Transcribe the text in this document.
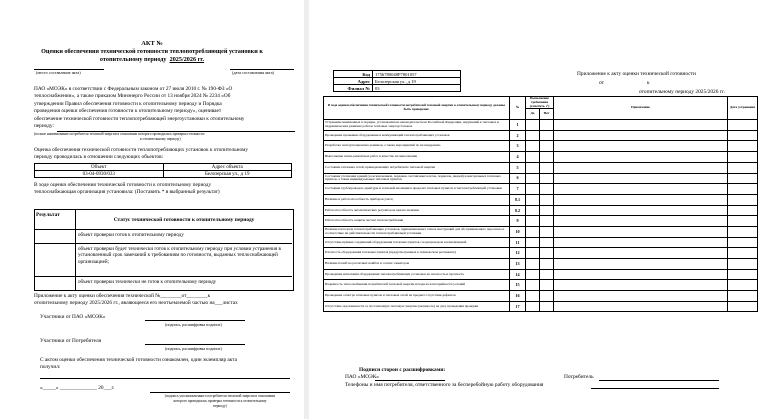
АКТ №
Оценки обеспечения технической готовности теплопотребляющей установки к
отопительному периоду 2025/2026 гг.
(место составление акта)	(дата составления акта)
ПАО «МОЭК» в соответствии с Федеральным законом от 27 июля 2010 г. № 190-ФЗ «О
теплоснабжении», а также приказом Минэнерго России от 13 ноября 2024 № 2234 «Об
утверждении Правил обеспечения готовности к отопительному периоду и Порядка
проведения оценки обеспечения готовности к отопительному периоду», оценивает
обеспечение технической готовности теплопотребляющей энергоустановки к отопительному
периоду:
(полное наименование потребителя тепловой энергии в отношении которого проводилась проверка готовности
к отопительному периоду)
Оценка обеспечения технической готовности теплопотребляющих установок к отопительному
периоду проводилась в отношении следующих объектов:
Объект	Адрес объекта
03-04-0930/033	Белозерская ул., д 19
В ходе оценки обеспечения технической готовности к отопительному периоду
теплоснабжающая организация установила: (Поставить * в выбранный результат)
Результат
Статус технической готовности к отопительному периоду
объект проверки готов к отопительному периоду
объект проверки будет технически готов к отопительному периоду при условии устранения в установленный срок замечаний к требованиям по готовности, выданных теплоснабжающей организацией;
объект проверки технически не готов к отопительному периоду
Приложение к акту оценки обеспечения технической №________от________к
отопительному периоду 2025/2026 гг., являющееся его неотъемлемой частью на___листах
Участники от ПАО «МОЭК»
(подпись, расшифровка подписи)
Участники от Потребителя
(подпись, расшифровка подписи)
С актом оценки обеспечения технической готовности ознакомлен, один экземпляр акта
получил:
«_____» ______________ 20___г.
(подпись уполномоченного потребителя тепловой энергии в отношении
которого проводилась проверка готовности к отопительному
периоду)
Код	1756780048P7801057
Адрес	Белозерская ул., д 19
Филиал №	03
Приложение к акту оценки технической готовности
от	к
отопительному периоду 2025/2026 гг.
В ходе оценки обеспечения технической готовности потребителей тепловой энергии к отопительному периоду должны быть проверены:	№	Выполнение требования (отметить ✓)		Примечание	Дата устранения
		Да	Нет		
Устранение выявленных в порядке, установленном законодательством Российской Федерации, нарушений в тепловых и гидравлических режимах работы тепловых энергоустановок	1				
Проведение промывки оборудования и коммуникаций теплопотребляющих установок	2				
Разработка эксплуатационных режимов, а также мероприятий по их внедрению	3				
Выполнение плана ремонтных работ и качество их выполнения	4				
Состояние тепловых сетей, принадлежащих потребителю тепловой энергии	5				
Состояние утепления зданий (за исключением, чердаков, лестничных клеток, подвалов, дверей) и центральных тепловых пунктов, а также индивидуальных тепловых пунктов	6				
Состояние трубопроводов, арматуры и тепловой изоляции в пределах тепловых пунктов и теплопотребляющей установки	7				
Наличие и работоспособность приборов учета;	8.1				
Работоспособность автоматических регуляторов при их наличии	8.2				
Работоспособность защиты систем теплопотребления	9				
Наличие паспортов теплопотребляющих установок, принципиальных схем и инструкций для обслуживающего персонала и соответствие их действительности теплопотребляющей установки	10				
Отсутствие прямых соединений оборудования тепловых пунктов с водопроводом и канализацией	11				
Плотность оборудования тепловых пунктов (предусмотренных в техническом регламенте)	12				
Наличие пломб на расчетных шайбах и соплах элеваторов	13				
Проведение испытания оборудования теплопотребляющих установок на плотность и прочность	14				
Надежность теплоснабжения потребителей тепловой энергии исходя из категорийности условий	15				
Проведение осмотра тепловых пунктов и тепловых сетей на предмет отсутствия дефектов	16				
Отсутствие задолженности за поставленную тепловую энергию (мощность) на дату проведения проверки	17				
Подписи сторон с расшифровками:
ПАО «МОЭК»	Потребитель
Телефоны и имя потребителя, ответственного за бесперебойную работу оборудования
